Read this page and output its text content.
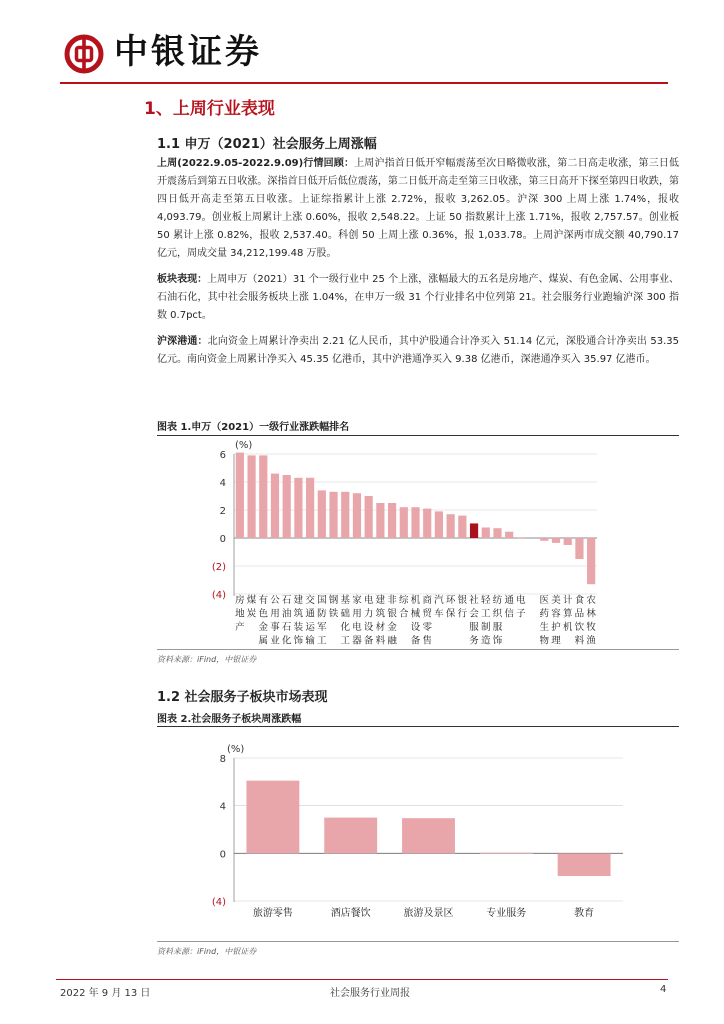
中银证券
1、上周行业表现
1.1 申万（2021）社会服务上周涨幅

上周(2022.9.05-2022.9.09)行情回顾：上周沪指首日低开窄幅震荡至次日略微收涨，第二日高走收涨，第三日低开震荡后到第五日收涨。深指首日低开后低位震荡，第二日低开高走至第三日收涨，第三日高开下探至第四日收跌，第四日低开高走至第五日收涨。上证综指累计上涨 2.72%，报收 3,262.05。沪深 300 上周上涨 1.74%，报收 4,093.79。创业板上周累计上涨 0.60%，报收 2,548.22。上证 50 指数累计上涨 1.71%，报收 2,757.57。创业板 50 累计上涨 0.82%，报收 2,537.40。科创 50 上周上涨 0.36%，报 1,033.78。上周沪深两市成交额 40,790.17 亿元，周成交量 34,212,199.48 万股。

板块表现：上周申万（2021）31 个一级行业中 25 个上涨，涨幅最大的五名是房地产、煤炭、有色金属、公用事业、石油石化，其中社会服务板块上涨 1.04%，在申万一级 31 个行业排名中位列第 21。社会服务行业跑输沪深 300 指数 0.7pct。

沪深港通：北向资金上周累计净卖出 2.21 亿人民币，其中沪股通合计净买入 51.14 亿元，深股通合计净卖出 53.35 亿元。南向资金上周累计净买入 45.35 亿港币，其中沪港通净买入 9.38 亿港币，深港通净买入 35.97 亿港币。

图表 1.申万（2021）一级行业涨跌幅排名
(%)
6
4
2
0
(2)
(4) 房
地
产
煤
炭
有
色
金
属
公
用
事
业
石
油
石
化
建
筑
装
饰
交
通
运
输
国
防
军
工
钢
铁
基
础
化
工
家
用
电
器
电
力
设
备
建
筑
材
料
非
银
金
融
综
合
机
械
设
备
商
贸
零
售
汽
车
环
保
银
行
社
会
服
务
轻
工
制
造
纺
织
服
饰
通
信
电
子
医
药
生
物
美
容
护
理
计
算
机
食
品
饮
料
农
林
牧
渔
资料来源：iFind，中银证券
1.2 社会服务子板块市场表现
图表 2.社会服务子板块周涨跌幅
(%)
8
4
0
(4)
旅游零售	酒店餐饮	旅游及景区	专业服务	教育
资料来源：iFind，中银证券
2022 年 9 月 13 日	社会服务行业周报	4
